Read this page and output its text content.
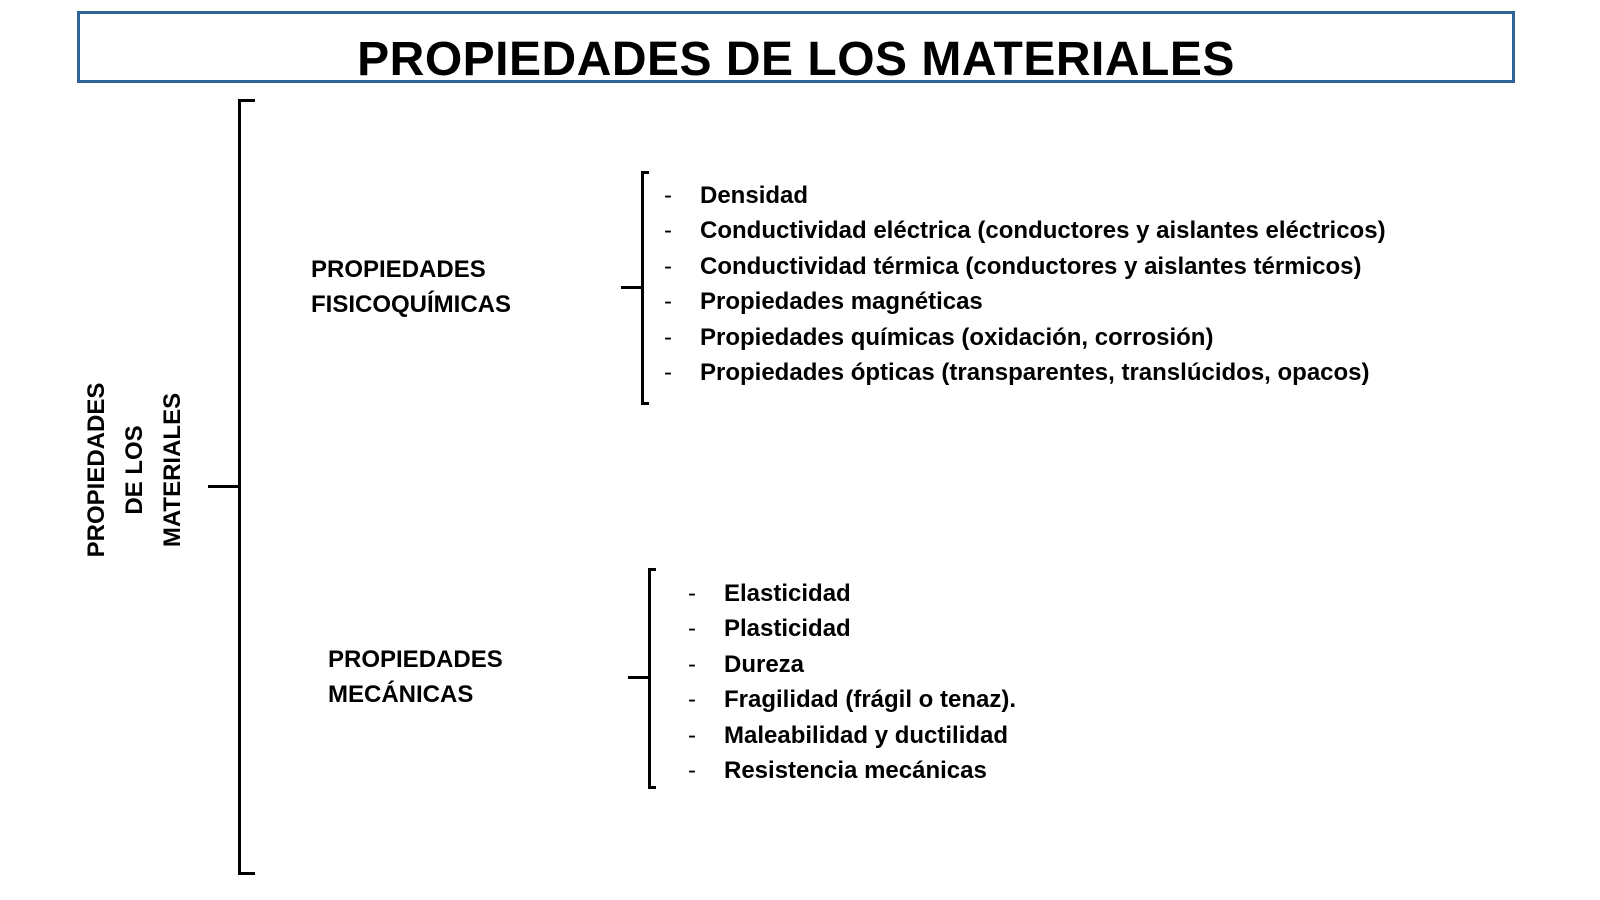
PROPIEDADES DE LOS MATERIALES
PROPIEDADES DE LOS MATERIALES
PROPIEDADES
FISICOQUÍMICAS
-	Densidad
-	Conductividad eléctrica (conductores y aislantes eléctricos)
-	Conductividad térmica (conductores y aislantes térmicos)
-	Propiedades magnéticas
-	Propiedades químicas (oxidación, corrosión)
-	Propiedades ópticas (transparentes, translúcidos, opacos)
PROPIEDADES
MECÁNICAS
-	Elasticidad
-	Plasticidad
-	Dureza
-	Fragilidad (frágil o tenaz).
-	Maleabilidad y ductilidad
-	Resistencia mecánicas
